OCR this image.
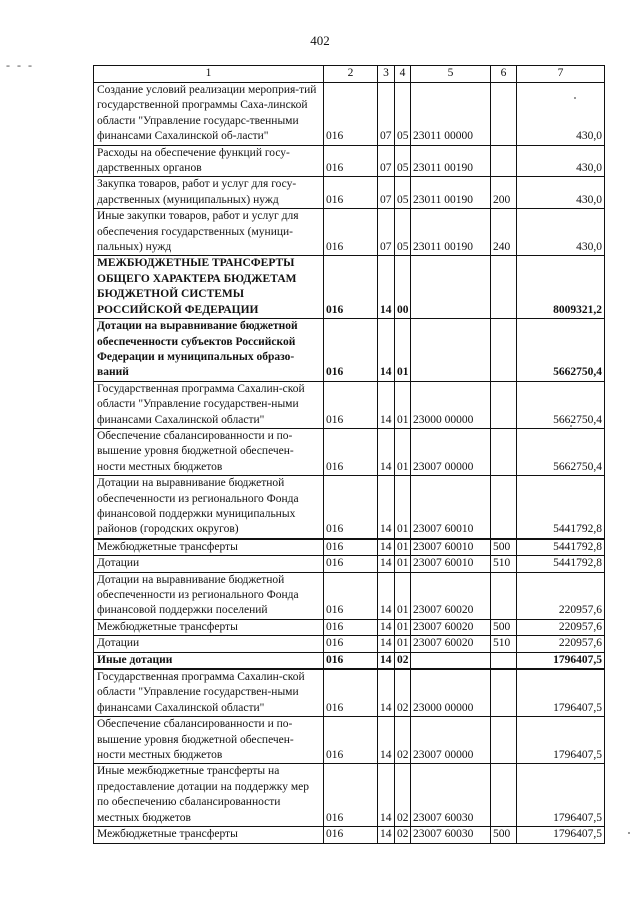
402
- - -
1	2	3	4	5	6	7
Создание условий реализации мероприя-тий государственной программы Саха-линской области "Управление государс-твенными финансами Сахалинской об-ласти"	016	07	05	23011 00000		430,0
Расходы на обеспечение функций госу-дарственных органов	016	07	05	23011 00190		430,0
Закупка товаров, работ и услуг для госу-дарственных (муниципальных) нужд	016	07	05	23011 00190	200	430,0
Иные закупки товаров, работ и услуг для обеспечения государственных (муници-пальных) нужд	016	07	05	23011 00190	240	430,0
МЕЖБЮДЖЕТНЫЕ ТРАНСФЕРТЫ ОБЩЕГО ХАРАКТЕРА БЮДЖЕТАМ БЮДЖЕТНОЙ СИСТЕМЫ РОССИЙСКОЙ ФЕДЕРАЦИИ	016	14	00			8009321,2
Дотации на выравнивание бюджетной обеспеченности субъектов Российской Федерации и муниципальных образо-ваний	016	14	01			5662750,4
Государственная программа Сахалин-ской области "Управление государствен-ными финансами Сахалинской области"	016	14	01	23000 00000		5662750,4
Обеспечение сбалансированности и по-вышение уровня бюджетной обеспечен-ности местных бюджетов	016	14	01	23007 00000		5662750,4
Дотации на выравнивание бюджетной обеспеченности из регионального Фонда финансовой поддержки муниципальных районов (городских округов)	016	14	01	23007 60010		5441792,8
Межбюджетные трансферты	016	14	01	23007 60010	500	5441792,8
Дотации	016	14	01	23007 60010	510	5441792,8
Дотации на выравнивание бюджетной обеспеченности из регионального Фонда финансовой поддержки поселений	016	14	01	23007 60020		220957,6
Межбюджетные трансферты	016	14	01	23007 60020	500	220957,6
Дотации	016	14	01	23007 60020	510	220957,6
Иные дотации	016	14	02			1796407,5
Государственная программа Сахалин-ской области "Управление государствен-ными финансами Сахалинской области"	016	14	02	23000 00000		1796407,5
Обеспечение сбалансированности и по-вышение уровня бюджетной обеспечен-ности местных бюджетов	016	14	02	23007 00000		1796407,5
Иные межбюджетные трансферты на предоставление дотации на поддержку мер по обеспечению сбалансированности местных бюджетов	016	14	02	23007 60030		1796407,5
Межбюджетные трансферты	016	14	02	23007 60030	500	1796407,5
